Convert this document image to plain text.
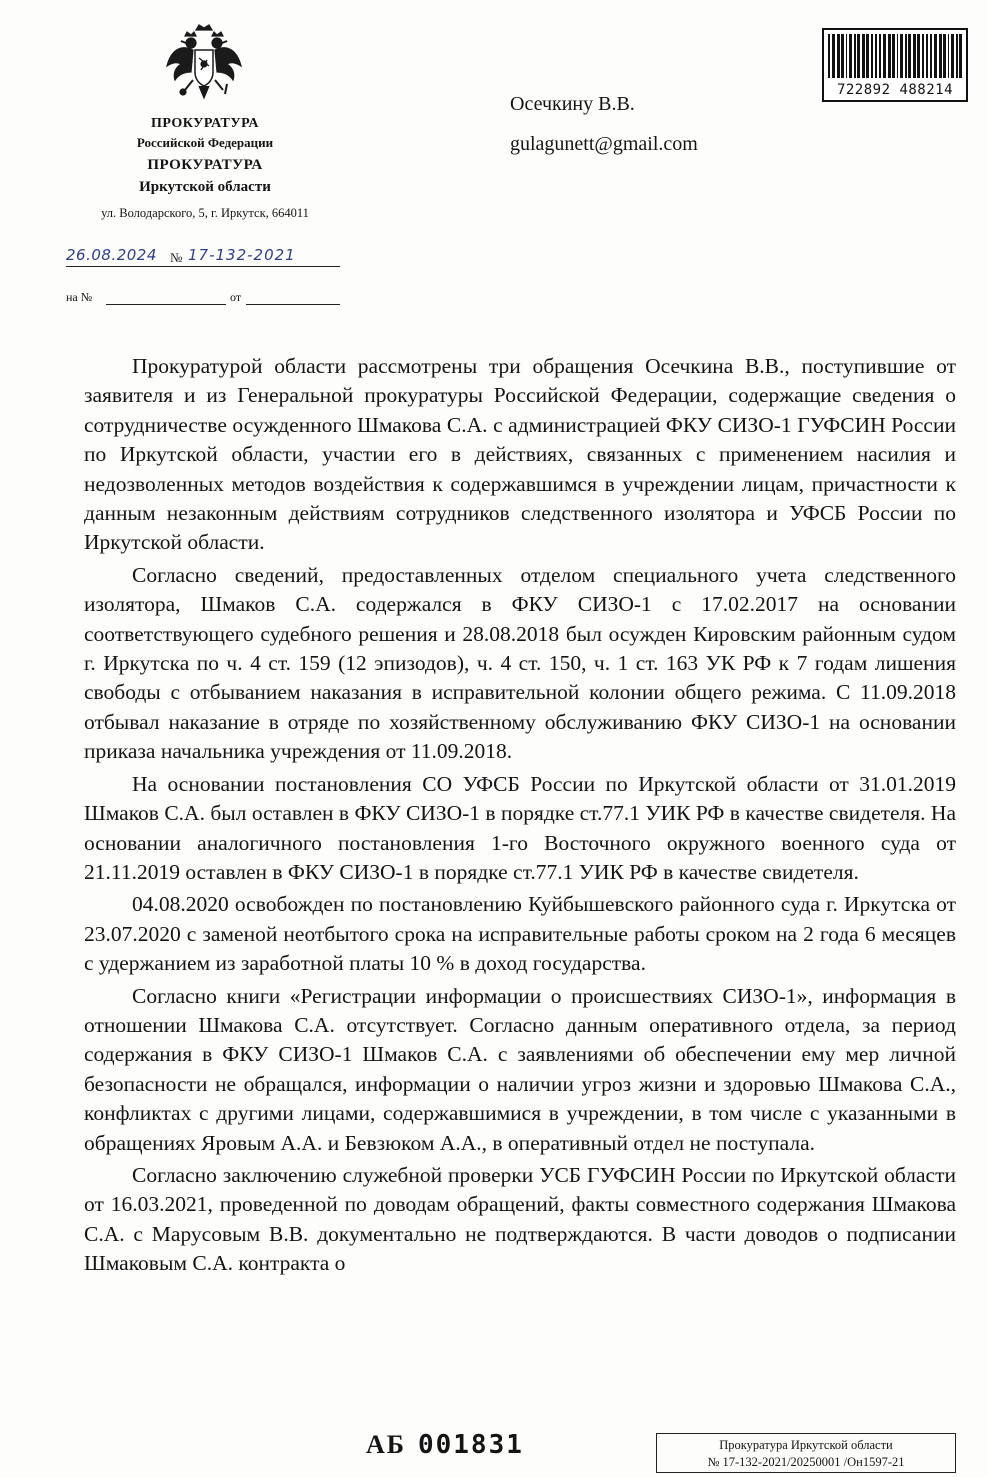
ПРОКУРАТУРА
Российской Федерации
ПРОКУРАТУРА
Иркутской области
ул. Володарского, 5, г. Иркутск, 664011
26.08.2024 № 17-132-2021
на №	от
Осечкину В.В.
gulagunett@gmail.com
722892 488214

Прокуратурой области рассмотрены три обращения Осечкина В.В., поступившие от заявителя и из Генеральной прокуратуры Российской Федерации, содержащие сведения о сотрудничестве осужденного Шмакова С.А. с администрацией ФКУ СИЗО-1 ГУФСИН России по Иркутской области, участии его в действиях, связанных с применением насилия и недозволенных методов воздействия к содержавшимся в учреждении лицам, причастности к данным незаконным действиям сотрудников следственного изолятора и УФСБ России по Иркутской области.

Согласно сведений, предоставленных отделом специального учета следственного изолятора, Шмаков С.А. содержался в ФКУ СИЗО-1 с 17.02.2017 на основании соответствующего судебного решения и 28.08.2018 был осужден Кировским районным судом г. Иркутска по ч. 4 ст. 159 (12 эпизодов), ч. 4 ст. 150, ч. 1 ст. 163 УК РФ к 7 годам лишения свободы с отбыванием наказания в исправительной колонии общего режима. С 11.09.2018 отбывал наказание в отряде по хозяйственному обслуживанию ФКУ СИЗО-1 на основании приказа начальника учреждения от 11.09.2018.

На основании постановления СО УФСБ России по Иркутской области от 31.01.2019 Шмаков С.А. был оставлен в ФКУ СИЗО-1 в порядке ст.77.1 УИК РФ в качестве свидетеля. На основании аналогичного постановления 1-го Восточного окружного военного суда от 21.11.2019 оставлен в ФКУ СИЗО-1 в порядке ст.77.1 УИК РФ в качестве свидетеля.

04.08.2020 освобожден по постановлению Куйбышевского районного суда г. Иркутска от 23.07.2020 с заменой неотбытого срока на исправительные работы сроком на 2 года 6 месяцев с удержанием из заработной платы 10 % в доход государства.

Согласно книги «Регистрации информации о происшествиях СИЗО-1», информация в отношении Шмакова С.А. отсутствует. Согласно данным оперативного отдела, за период содержания в ФКУ СИЗО-1 Шмаков С.А. с заявлениями об обеспечении ему мер личной безопасности не обращался, информации о наличии угроз жизни и здоровью Шмакова С.А., конфликтах с другими лицами, содержавшимися в учреждении, в том числе с указанными в обращениях Яровым А.А. и Бевзюком А.А., в оперативный отдел не поступала.

Согласно заключению служебной проверки УСБ ГУФСИН России по Иркутской области от 16.03.2021, проведенной по доводам обращений, факты совместного содержания Шмакова С.А. с Марусовым В.В. документально не подтверждаются. В части доводов о подписании Шмаковым С.А. контракта о

АБ 001831	Прокуратура Иркутской области
№ 17-132-2021/20250001 /Он1597-21
